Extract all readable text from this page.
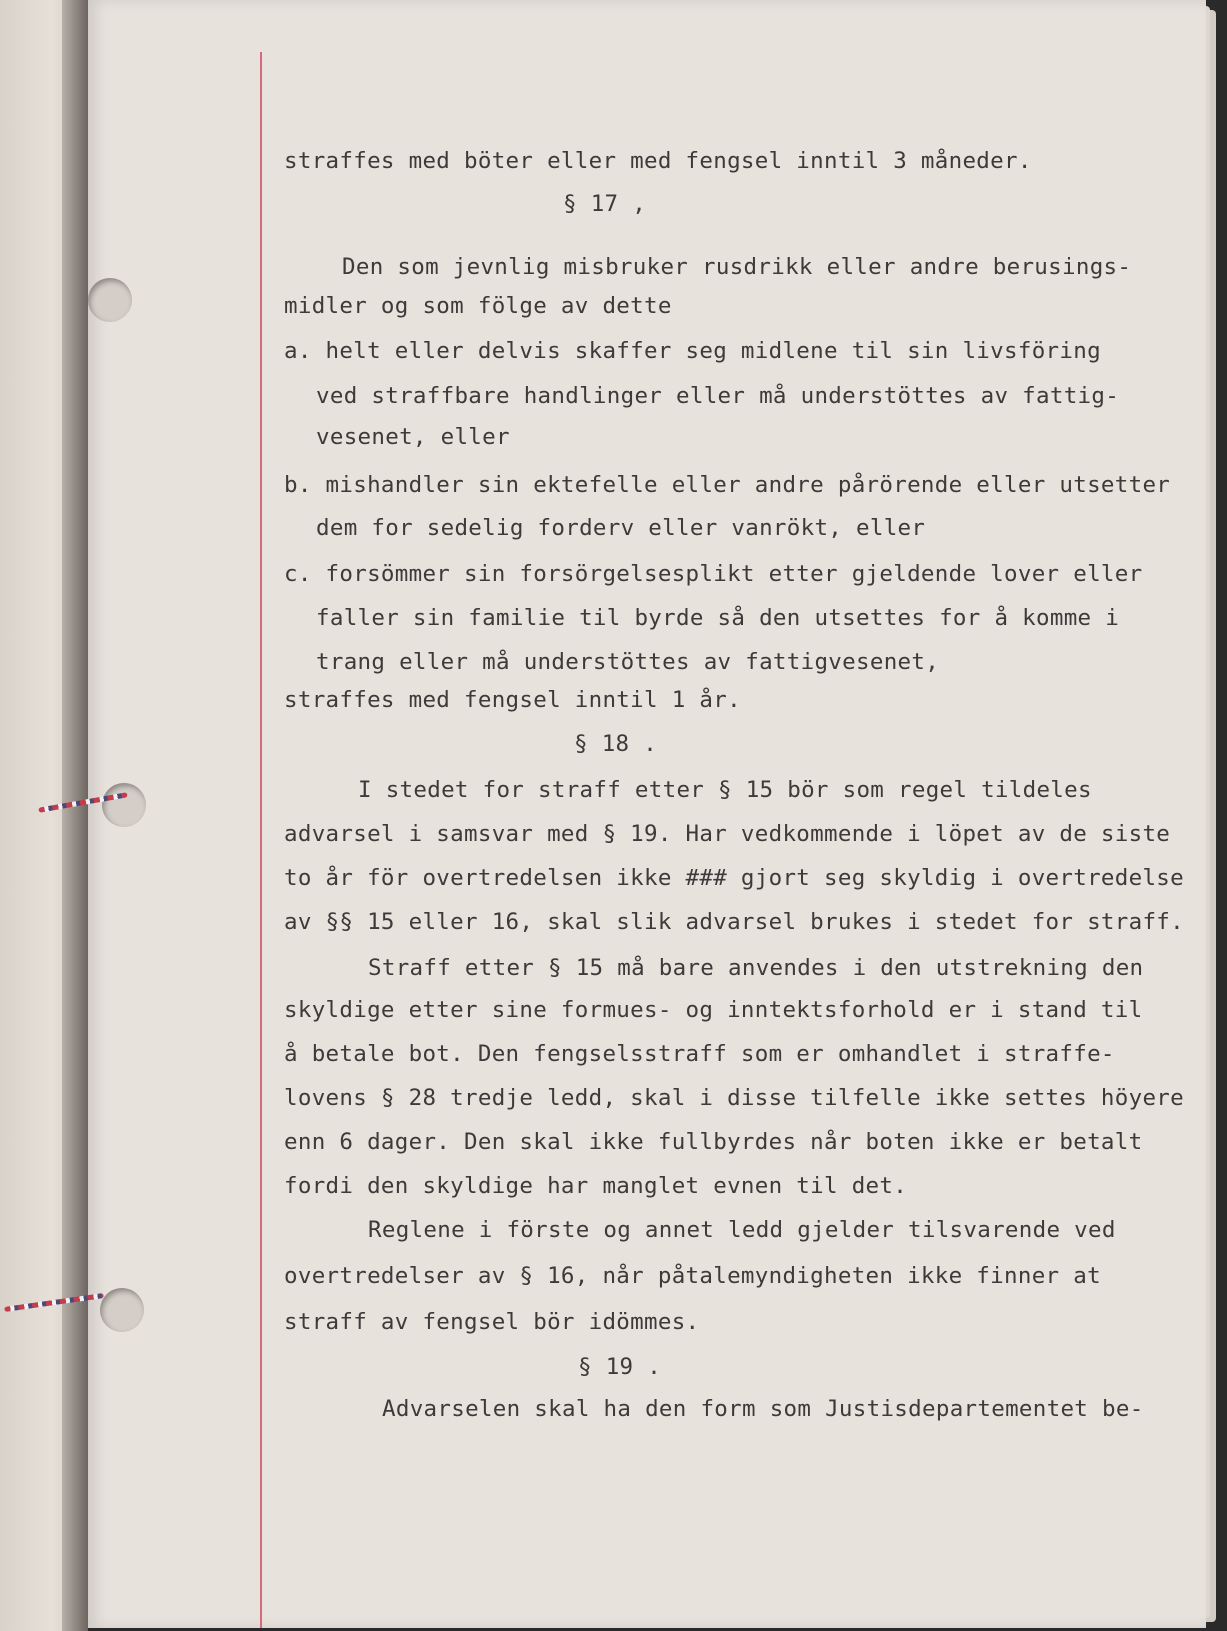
straffes med böter eller med fengsel inntil 3 måneder.
§ 17 ,
Den som jevnlig misbruker rusdrikk eller andre berusings-
midler og som fölge av dette
a. helt eller delvis skaffer seg midlene til sin livsföring
ved straffbare handlinger eller må understöttes av fattig-
vesenet, eller
b. mishandler sin ektefelle eller andre pårörende eller utsetter
dem for sedelig forderv eller vanrökt, eller
c. forsömmer sin forsörgelsesplikt etter gjeldende lover eller
faller sin familie til byrde så den utsettes for å komme i
trang eller må understöttes av fattigvesenet,
straffes med fengsel inntil 1 år.
§ 18 .
I stedet for straff etter § 15 bör som regel tildeles
advarsel i samsvar med § 19. Har vedkommende i löpet av de siste
to år för overtredelsen ikke ### gjort seg skyldig i overtredelse
av §§ 15 eller 16, skal slik advarsel brukes i stedet for straff.
Straff etter § 15 må bare anvendes i den utstrekning den
skyldige etter sine formues- og inntektsforhold er i stand til
å betale bot. Den fengselsstraff som er omhandlet i straffe-
lovens § 28 tredje ledd, skal i disse tilfelle ikke settes höyere
enn 6 dager. Den skal ikke fullbyrdes når boten ikke er betalt
fordi den skyldige har manglet evnen til det.
Reglene i förste og annet ledd gjelder tilsvarende ved
overtredelser av § 16, når påtalemyndigheten ikke finner at
straff av fengsel bör idömmes.
§ 19 .
Advarselen skal ha den form som Justisdepartementet be-
